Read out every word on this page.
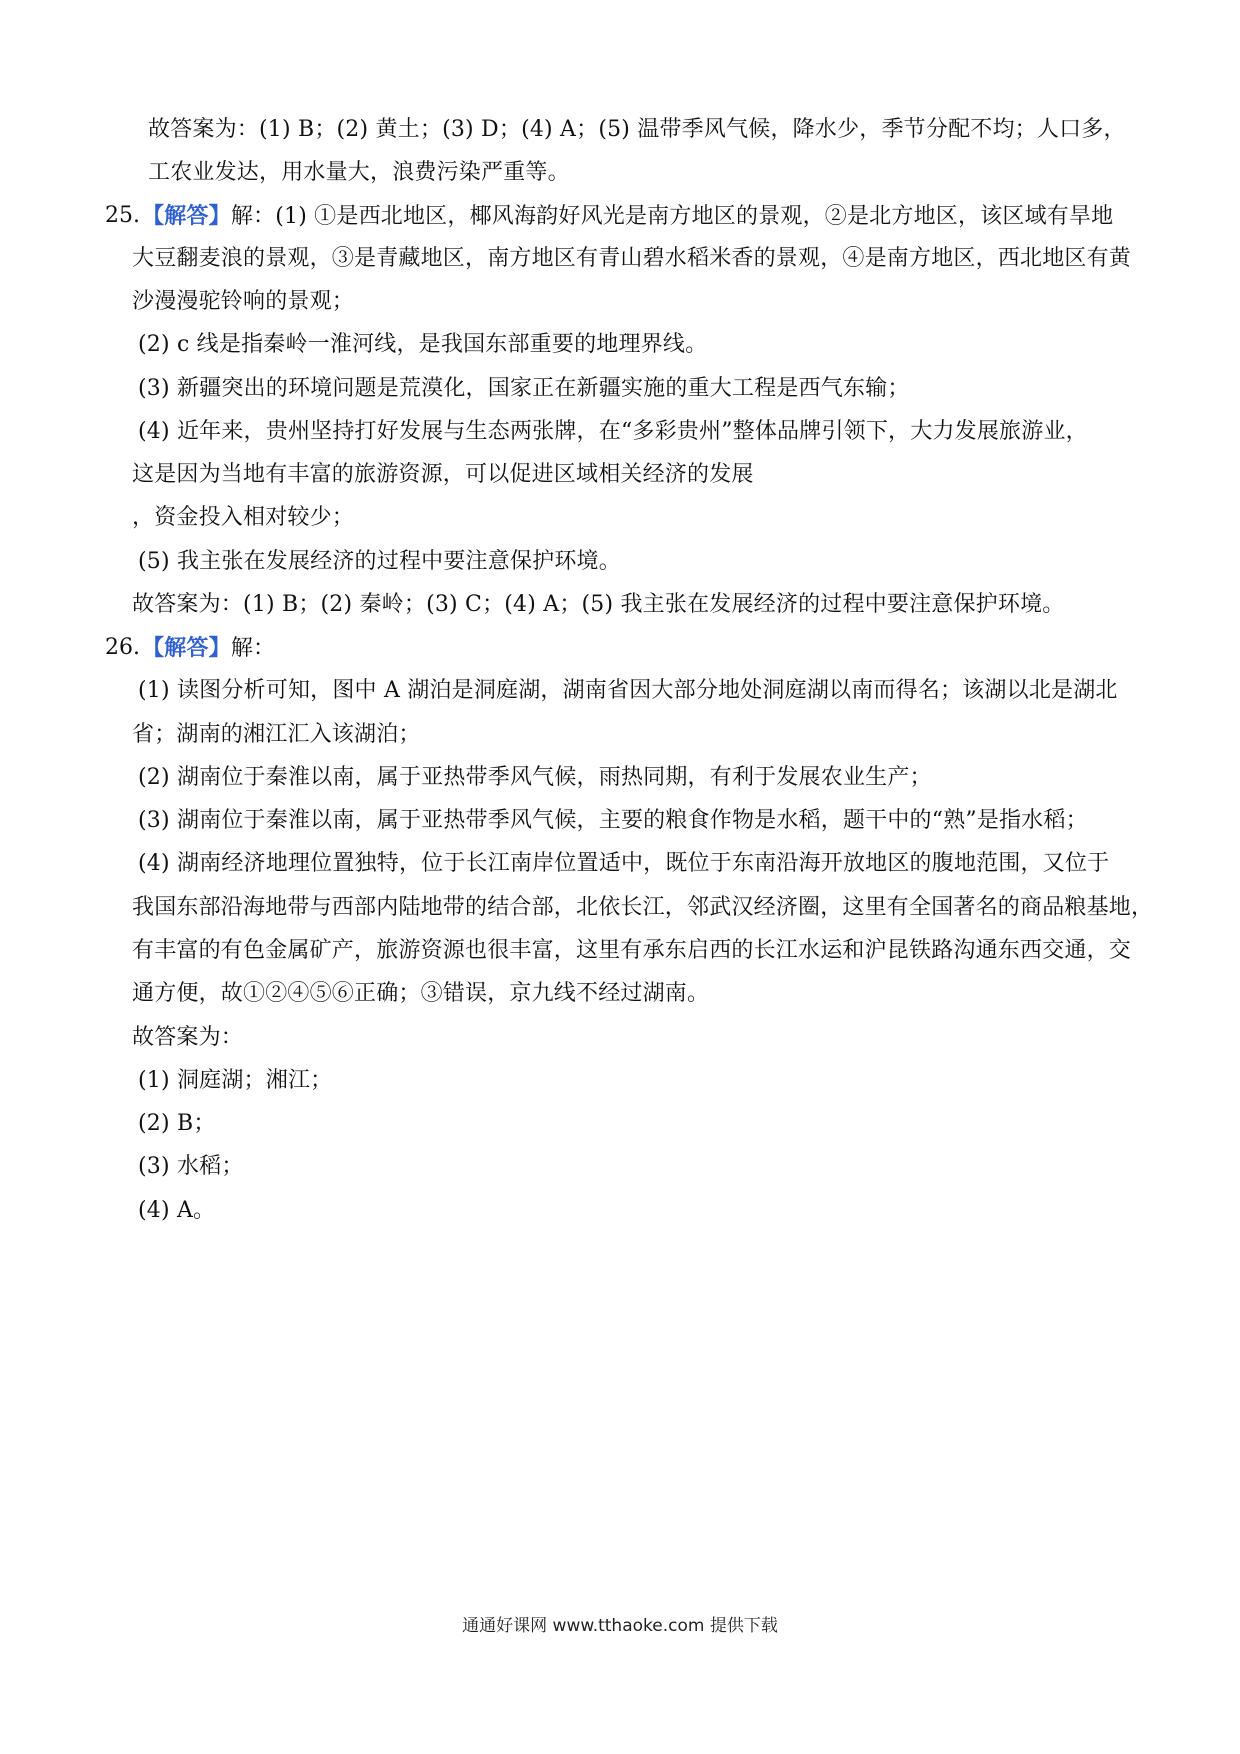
故答案为：(1) B；(2) 黄土；(3) D；(4) A；(5) 温带季风气候，降水少，季节分配不均；人口多，
工农业发达，用水量大，浪费污染严重等。
25. 【解答】解：(1) ①是西北地区，椰风海韵好风光是南方地区的景观，②是北方地区，该区域有旱地
大豆翻麦浪的景观，③是青藏地区，南方地区有青山碧水稻米香的景观，④是南方地区，西北地区有黄
沙漫漫驼铃响的景观；
(2) c 线是指秦岭一淮河线，是我国东部重要的地理界线。
(3) 新疆突出的环境问题是荒漠化，国家正在新疆实施的重大工程是西气东输；
(4) 近年来，贵州坚持打好发展与生态两张牌，在“多彩贵州”整体品牌引领下，大力发展旅游业，
这是因为当地有丰富的旅游资源，可以促进区域相关经济的发展
，资金投入相对较少；
(5) 我主张在发展经济的过程中要注意保护环境。
故答案为：(1) B；(2) 秦岭；(3) C；(4) A；(5) 我主张在发展经济的过程中要注意保护环境。
26. 【解答】解：
(1) 读图分析可知，图中 A 湖泊是洞庭湖，湖南省因大部分地处洞庭湖以南而得名；该湖以北是湖北
省；湖南的湘江汇入该湖泊；
(2) 湖南位于秦淮以南，属于亚热带季风气候，雨热同期，有利于发展农业生产；
(3) 湖南位于秦淮以南，属于亚热带季风气候，主要的粮食作物是水稻，题干中的“熟”是指水稻；
(4) 湖南经济地理位置独特，位于长江南岸位置适中，既位于东南沿海开放地区的腹地范围，又位于
我国东部沿海地带与西部内陆地带的结合部，北依长江，邻武汉经济圈，这里有全国著名的商品粮基地，
有丰富的有色金属矿产，旅游资源也很丰富，这里有承东启西的长江水运和沪昆铁路沟通东西交通，交
通方便，故①②④⑤⑥正确；③错误，京九线不经过湖南。
故答案为：
(1) 洞庭湖；湘江；
(2) B；
(3) 水稻；
(4) A。
通通好课网 www.tthaoke.com 提供下载
